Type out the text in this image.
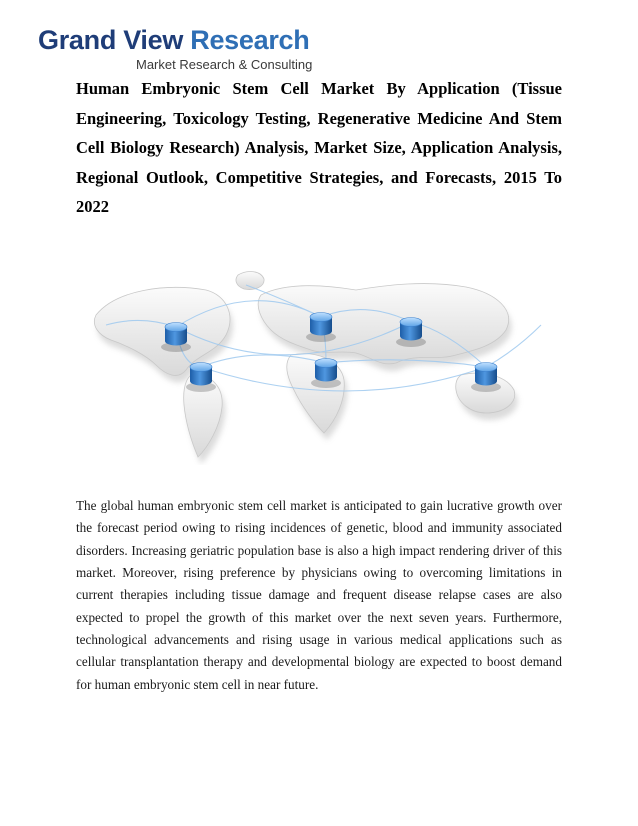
Grand View Research
Market Research & Consulting

Human Embryonic Stem Cell Market By Application (Tissue Engineering, Toxicology Testing, Regenerative Medicine And Stem Cell Biology Research) Analysis, Market Size, Application Analysis, Regional Outlook, Competitive Strategies, and Forecasts, 2015 To 2022

The global human embryonic stem cell market is anticipated to gain lucrative growth over the forecast period owing to rising incidences of genetic, blood and immunity associated disorders. Increasing geriatric population base is also a high impact rendering driver of this market. Moreover, rising preference by physicians owing to overcoming limitations in current therapies including tissue damage and frequent disease relapse cases are also expected to propel the growth of this market over the next seven years. Furthermore, technological advancements and rising usage in various medical applications such as cellular transplantation therapy and developmental biology are expected to boost demand for human embryonic stem cell in near future.
